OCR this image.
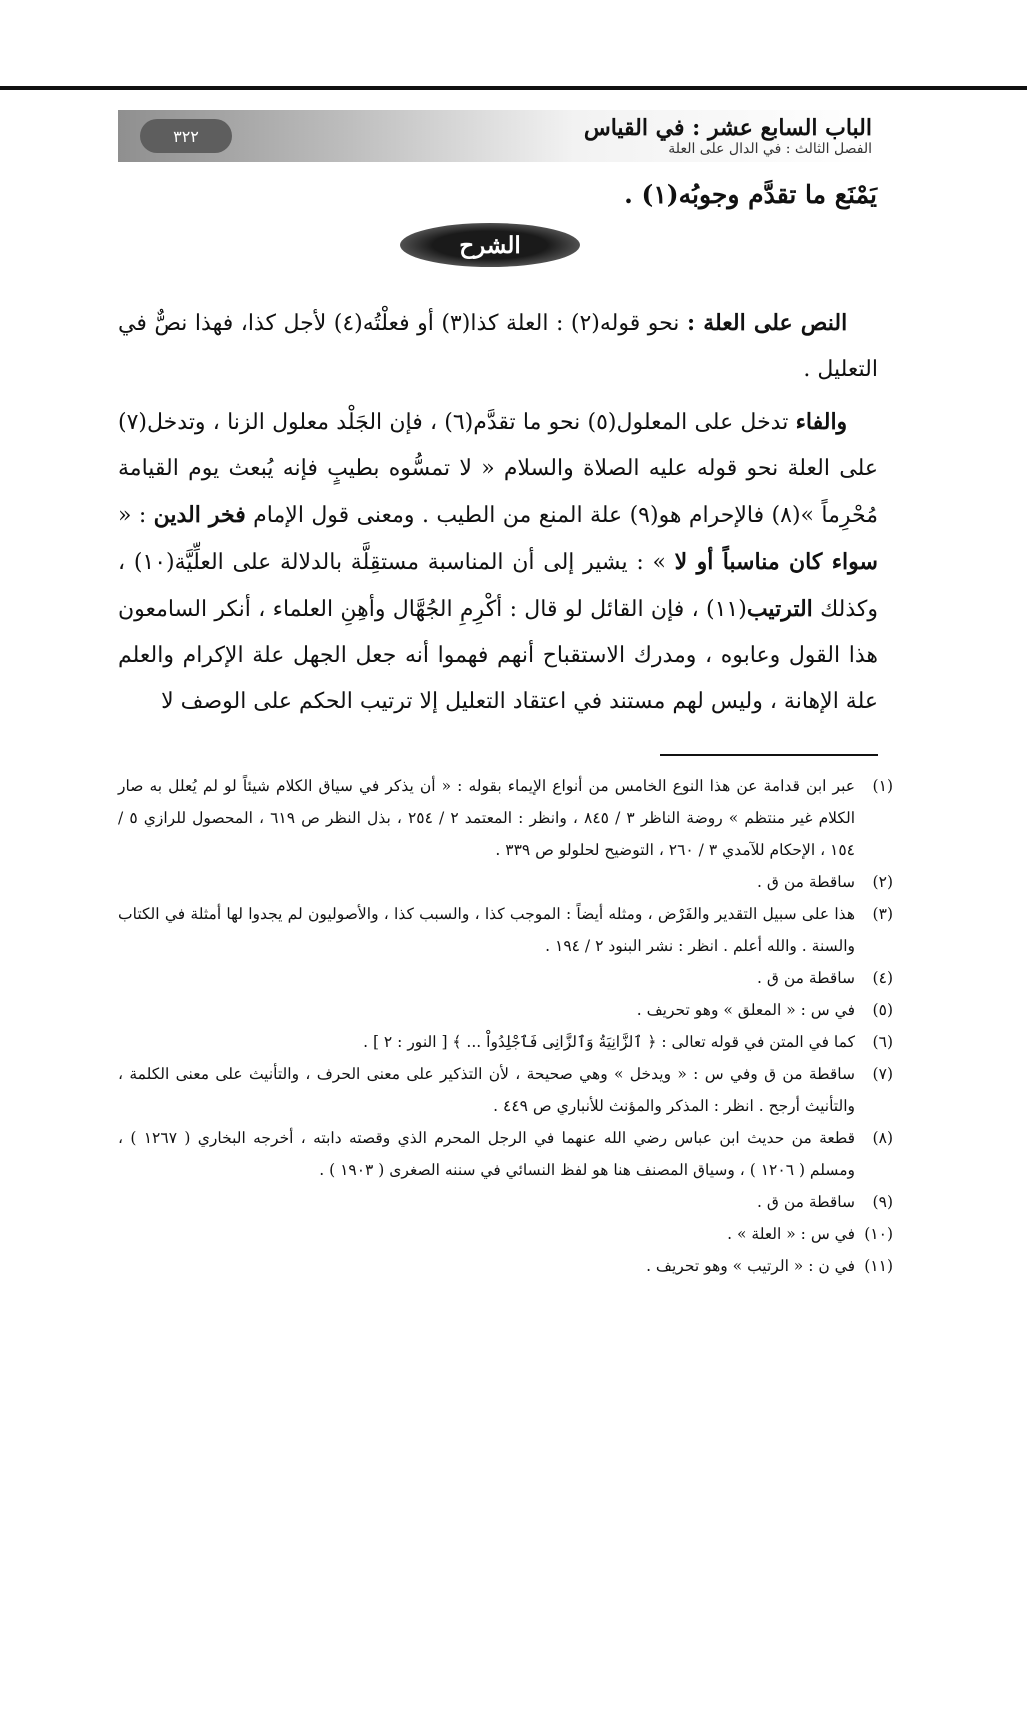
الباب السابع عشر : في القياس
الفصل الثالث : في الدال على العلة
٣٢٢
يَمْنَع ما تقدَّم وجوبُه(١) .
الشرح

النص على العلة : نحو قوله(٢) : العلة كذا(٣) أو فعلْتُه(٤) لأجل كذا، فهذا نصٌّ في التعليل .

والفاء تدخل على المعلول(٥) نحو ما تقدَّم(٦) ، فإن الجَلْد معلول الزنا ، وتدخل(٧) على العلة نحو قوله عليه الصلاة والسلام « لا تمسُّوه بطيبٍ فإنه يُبعث يوم القيامة مُحْرِماً »(٨) فالإحرام هو(٩) علة المنع من الطيب . ومعنى قول الإمام فخر الدين : « سواء كان مناسباً أو لا » : يشير إلى أن المناسبة مستقِلَّة بالدلالة على العلِّيَّة(١٠) ، وكذلك الترتيب(١١) ، فإن القائل لو قال : أكْرِمِ الجُهَّال وأهِنِ العلماء ، أنكر السامعون هذا القول وعابوه ، ومدرك الاستقباح أنهم فهموا أنه جعل الجهل علة الإكرام والعلم علة الإهانة ، وليس لهم مستند في اعتقاد التعليل إلا ترتيب الحكم على الوصف لا

(١)عبر ابن قدامة عن هذا النوع الخامس من أنواع الإيماء بقوله : « أن يذكر في سياق الكلام شيئاً لو لم يُعلل به صار الكلام غير منتظم » روضة الناظر ٣ / ٨٤٥ ، وانظر : المعتمد ٢ / ٢٥٤ ، بذل النظر ص ٦١٩ ، المحصول للرازي ٥ / ١٥٤ ، الإحكام للآمدي ٣ / ٢٦٠ ، التوضيح لحلولو ص ٣٣٩ .

(٢)ساقطة من ق .

(٣)هذا على سبيل التقدير والفَرْض ، ومثله أيضاً : الموجب كذا ، والسبب كذا ، والأصوليون لم يجدوا لها أمثلة في الكتاب والسنة . والله أعلم . انظر : نشر البنود ٢ / ١٩٤ .

(٤)ساقطة من ق .

(٥)في س : « المعلق » وهو تحريف .

(٦)كما في المتن في قوله تعالى : ﴿ ٱلزَّانِيَةُ وَٱلزَّانِى فَٱجْلِدُواْ ... ﴾ [ النور : ٢ ] .

(٧)ساقطة من ق وفي س : « ويدخل » وهي صحيحة ، لأن التذكير على معنى الحرف ، والتأنيث على معنى الكلمة ، والتأنيث أرجح . انظر : المذكر والمؤنث للأنباري ص ٤٤٩ .

(٨)قطعة من حديث ابن عباس رضي الله عنهما في الرجل المحرم الذي وقصته دابته ، أخرجه البخاري ( ١٢٦٧ ) ، ومسلم ( ١٢٠٦ ) ، وسياق المصنف هنا هو لفظ النسائي في سننه الصغرى ( ١٩٠٣ ) .

(٩)ساقطة من ق .

(١٠)في س : « العلة » .

(١١)في ن : « الرتيب » وهو تحريف .
